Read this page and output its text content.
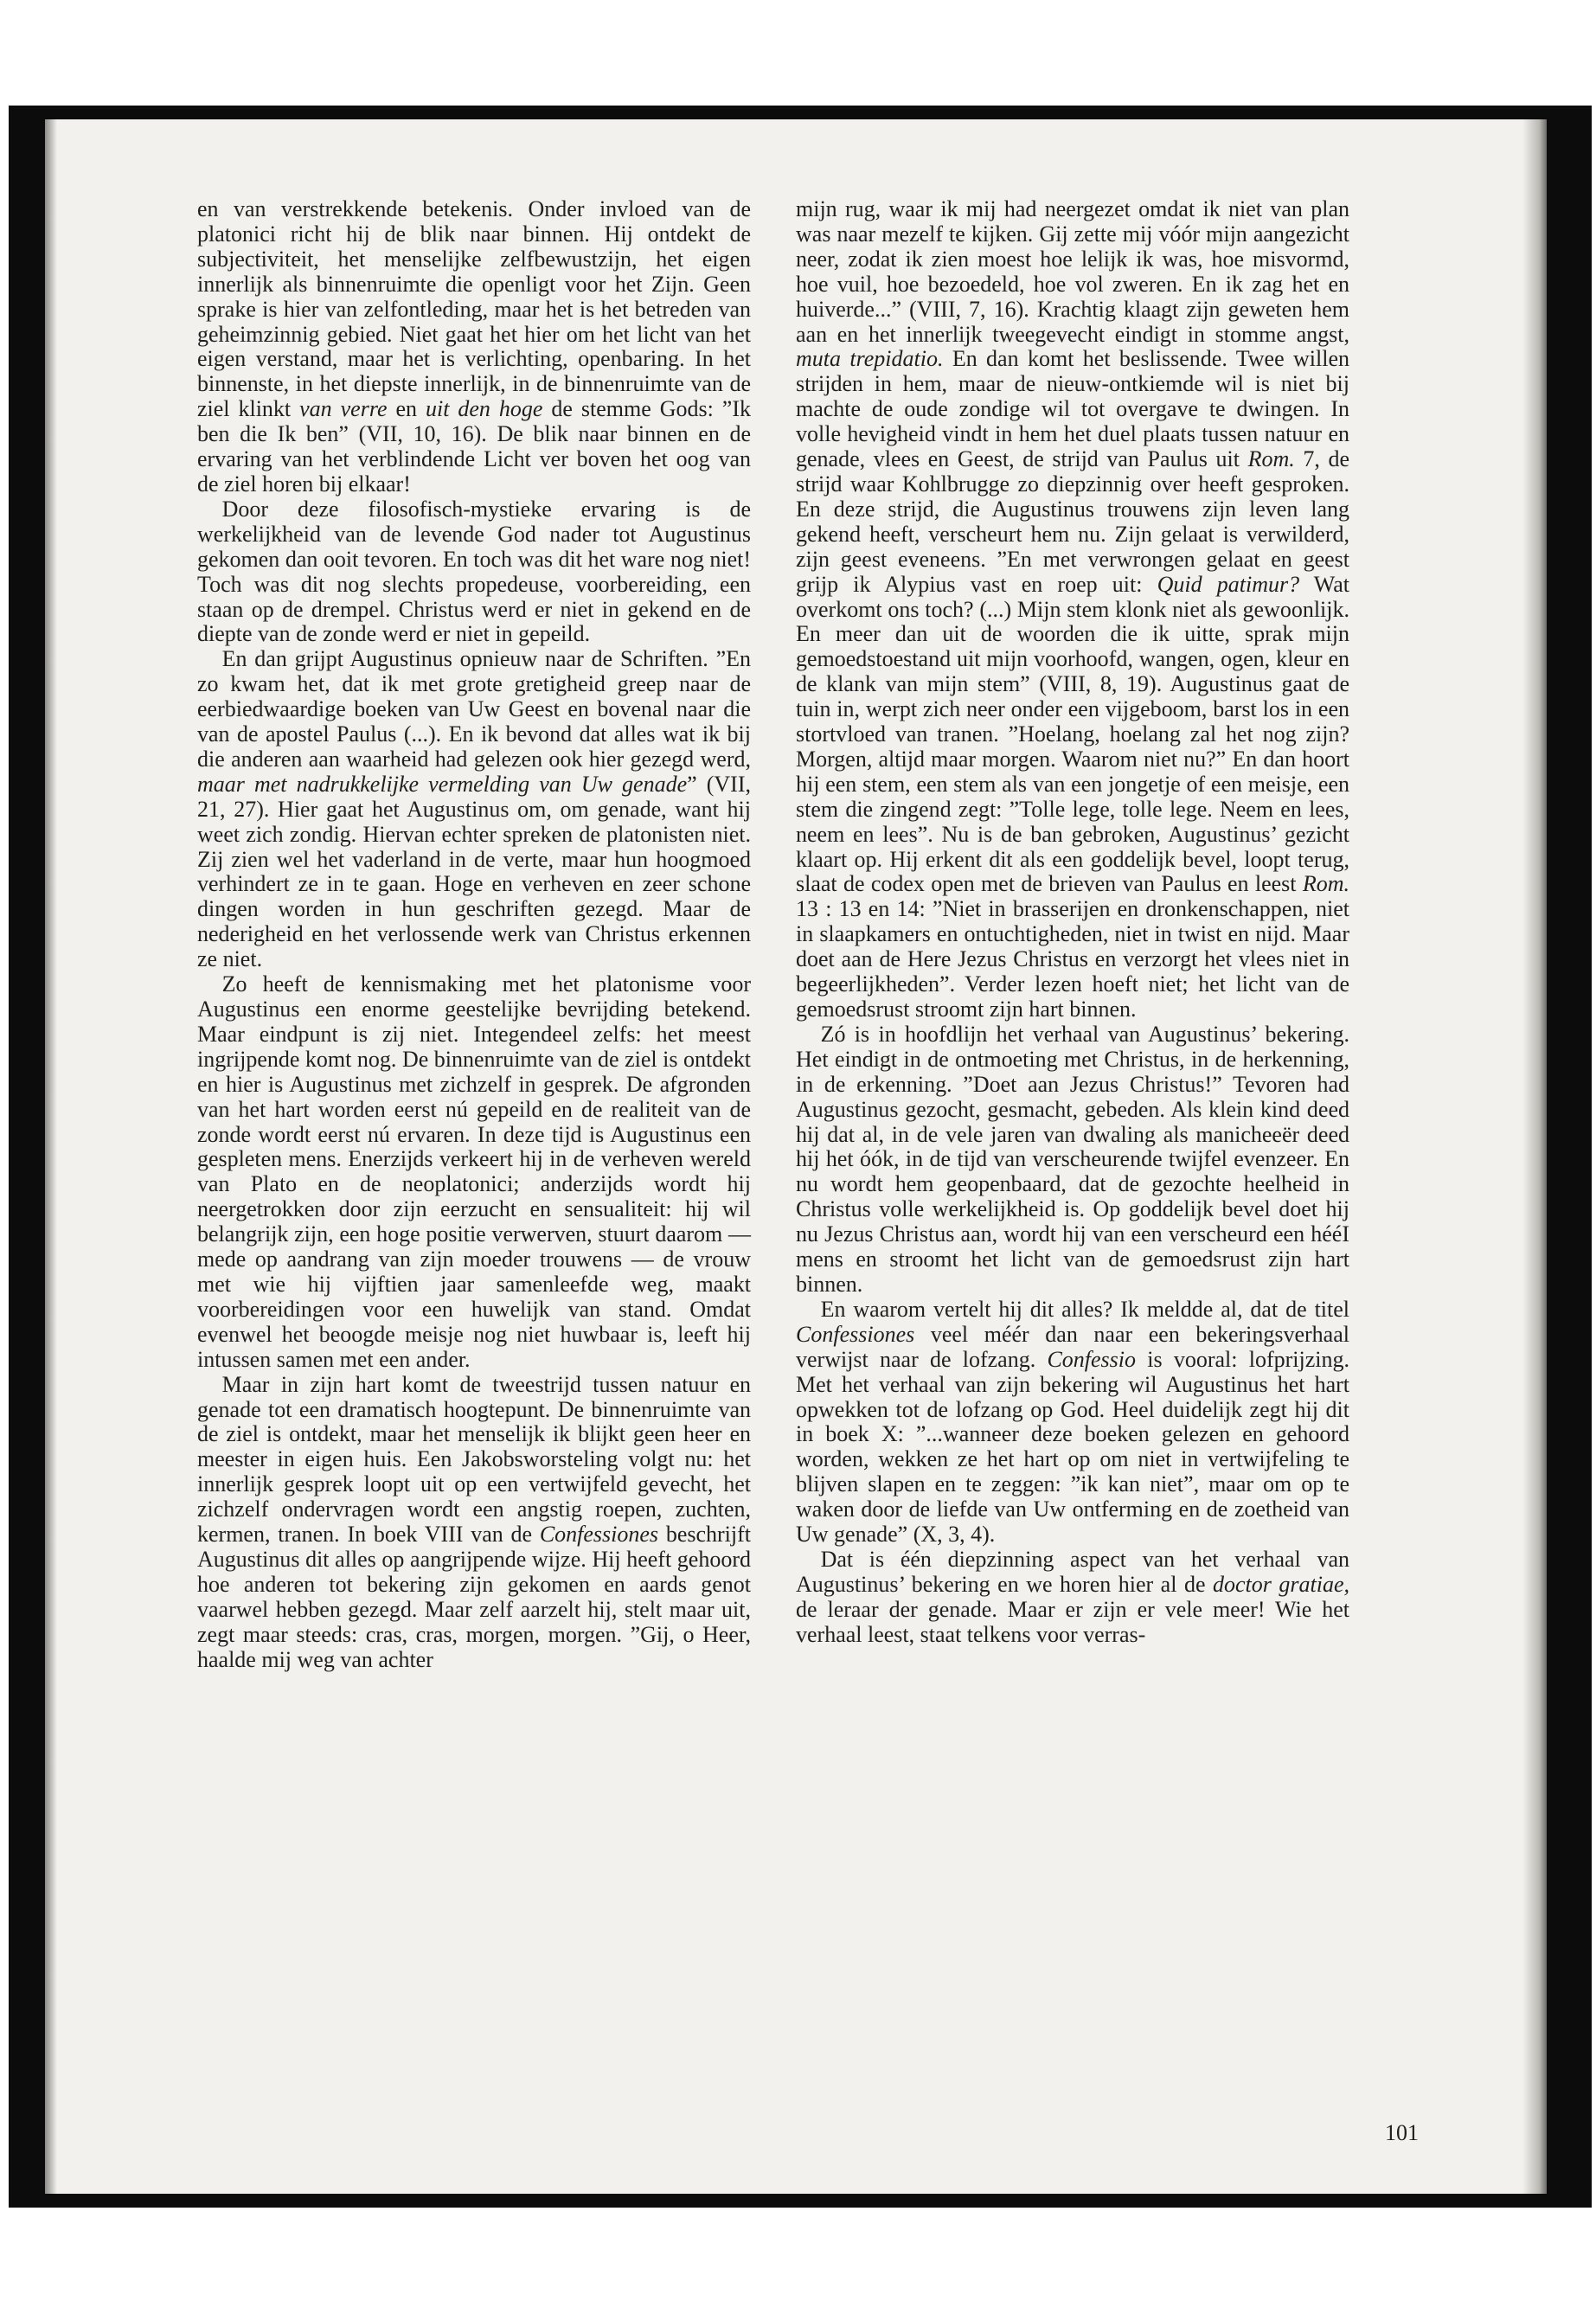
en van verstrekkende betekenis. Onder invloed van de platonici richt hij de blik naar binnen. Hij ontdekt de subjectiviteit, het menselijke zelfbewustzijn, het eigen innerlijk als binnenruimte die openligt voor het Zijn. Geen sprake is hier van zelfontleding, maar het is het betreden van geheimzinnig gebied. Niet gaat het hier om het licht van het eigen verstand, maar het is verlichting, openbaring. In het binnenste, in het diepste innerlijk, in de binnenruimte van de ziel klinkt van verre en uit den hoge de stemme Gods: ”Ik ben die Ik ben” (VII, 10, 16). De blik naar binnen en de ervaring van het verblindende Licht ver boven het oog van de ziel horen bij elkaar!

Door deze filosofisch-mystieke ervaring is de werkelijkheid van de levende God nader tot Augustinus gekomen dan ooit tevoren. En toch was dit het ware nog niet! Toch was dit nog slechts propedeuse, voorbereiding, een staan op de drempel. Christus werd er niet in gekend en de diepte van de zonde werd er niet in gepeild.

En dan grijpt Augustinus opnieuw naar de Schriften. ”En zo kwam het, dat ik met grote gretigheid greep naar de eerbiedwaardige boeken van Uw Geest en bovenal naar die van de apostel Paulus (...). En ik bevond dat alles wat ik bij die anderen aan waarheid had gelezen ook hier gezegd werd, maar met nadrukkelijke vermelding van Uw genade” (VII, 21, 27). Hier gaat het Augustinus om, om genade, want hij weet zich zondig. Hiervan echter spreken de platonisten niet. Zij zien wel het vaderland in de verte, maar hun hoogmoed verhindert ze in te gaan. Hoge en verheven en zeer schone dingen worden in hun geschriften gezegd. Maar de nederigheid en het verlossende werk van Christus erkennen ze niet.

Zo heeft de kennismaking met het platonisme voor Augustinus een enorme geestelijke bevrijding betekend. Maar eindpunt is zij niet. Integendeel zelfs: het meest ingrijpende komt nog. De binnenruimte van de ziel is ontdekt en hier is Augustinus met zichzelf in gesprek. De afgronden van het hart worden eerst nú gepeild en de realiteit van de zonde wordt eerst nú ervaren. In deze tijd is Augustinus een gespleten mens. Enerzijds verkeert hij in de verheven wereld van Plato en de neoplatonici; anderzijds wordt hij neergetrokken door zijn eerzucht en sensualiteit: hij wil belangrijk zijn, een hoge positie verwerven, stuurt daarom — mede op aandrang van zijn moeder trouwens — de vrouw met wie hij vijftien jaar samenleefde weg, maakt voorbereidingen voor een huwelijk van stand. Omdat evenwel het beoogde meisje nog niet huwbaar is, leeft hij intussen samen met een ander.

Maar in zijn hart komt de tweestrijd tussen natuur en genade tot een dramatisch hoogtepunt. De binnenruimte van de ziel is ontdekt, maar het menselijk ik blijkt geen heer en meester in eigen huis. Een Jakobsworsteling volgt nu: het innerlijk gesprek loopt uit op een vertwijfeld gevecht, het zichzelf ondervragen wordt een angstig roepen, zuchten, kermen, tranen. In boek VIII van de Confessiones beschrijft Augustinus dit alles op aangrijpende wijze. Hij heeft gehoord hoe anderen tot bekering zijn gekomen en aards genot vaarwel hebben gezegd. Maar zelf aarzelt hij, stelt maar uit, zegt maar steeds: cras, cras, morgen, morgen. ”Gij, o Heer, haalde mij weg van achter

mijn rug, waar ik mij had neergezet omdat ik niet van plan was naar mezelf te kijken. Gij zette mij vóór mijn aangezicht neer, zodat ik zien moest hoe lelijk ik was, hoe misvormd, hoe vuil, hoe bezoedeld, hoe vol zweren. En ik zag het en huiverde...” (VIII, 7, 16). Krachtig klaagt zijn geweten hem aan en het innerlijk tweegevecht eindigt in stomme angst, muta trepidatio. En dan komt het beslissende. Twee willen strijden in hem, maar de nieuw-ontkiemde wil is niet bij machte de oude zondige wil tot overgave te dwingen. In volle hevigheid vindt in hem het duel plaats tussen natuur en genade, vlees en Geest, de strijd van Paulus uit Rom. 7, de strijd waar Kohlbrugge zo diepzinnig over heeft gesproken. En deze strijd, die Augustinus trouwens zijn leven lang gekend heeft, verscheurt hem nu. Zijn gelaat is verwilderd, zijn geest eveneens. ”En met verwrongen gelaat en geest grijp ik Alypius vast en roep uit: Quid patimur? Wat overkomt ons toch? (...) Mijn stem klonk niet als gewoonlijk. En meer dan uit de woorden die ik uitte, sprak mijn gemoedstoestand uit mijn voorhoofd, wangen, ogen, kleur en de klank van mijn stem” (VIII, 8, 19). Augustinus gaat de tuin in, werpt zich neer onder een vijgeboom, barst los in een stortvloed van tranen. ”Hoelang, hoelang zal het nog zijn? Morgen, altijd maar morgen. Waarom niet nu?” En dan hoort hij een stem, een stem als van een jongetje of een meisje, een stem die zingend zegt: ”Tolle lege, tolle lege. Neem en lees, neem en lees”. Nu is de ban gebroken, Augustinus’ gezicht klaart op. Hij erkent dit als een goddelijk bevel, loopt terug, slaat de codex open met de brieven van Paulus en leest Rom. 13 : 13 en 14: ”Niet in brasserijen en dronkenschappen, niet in slaapkamers en ontuchtigheden, niet in twist en nijd. Maar doet aan de Here Jezus Christus en verzorgt het vlees niet in begeerlijkheden”. Verder lezen hoeft niet; het licht van de gemoedsrust stroomt zijn hart binnen.

Zó is in hoofdlijn het verhaal van Augustinus’ bekering. Het eindigt in de ontmoeting met Christus, in de herkenning, in de erkenning. ”Doet aan Jezus Christus!” Tevoren had Augustinus gezocht, gesmacht, gebeden. Als klein kind deed hij dat al, in de vele jaren van dwaling als manicheeër deed hij het óók, in de tijd van verscheurende twijfel evenzeer. En nu wordt hem geopenbaard, dat de gezochte heelheid in Christus volle werkelijkheid is. Op goddelijk bevel doet hij nu Jezus Christus aan, wordt hij van een verscheurd een hééI mens en stroomt het licht van de gemoedsrust zijn hart binnen.

En waarom vertelt hij dit alles? Ik meldde al, dat de titel Confessiones veel méér dan naar een bekeringsverhaal verwijst naar de lofzang. Confessio is vooral: lofprijzing. Met het verhaal van zijn bekering wil Augustinus het hart opwekken tot de lofzang op God. Heel duidelijk zegt hij dit in boek X: ”...wanneer deze boeken gelezen en gehoord worden, wekken ze het hart op om niet in vertwijfeling te blijven slapen en te zeggen: ”ik kan niet”, maar om op te waken door de liefde van Uw ontferming en de zoetheid van Uw genade” (X, 3, 4).

Dat is één diepzinning aspect van het verhaal van Augustinus’ bekering en we horen hier al de doctor gratiae, de leraar der genade. Maar er zijn er vele meer! Wie het verhaal leest, staat telkens voor verras-

101
